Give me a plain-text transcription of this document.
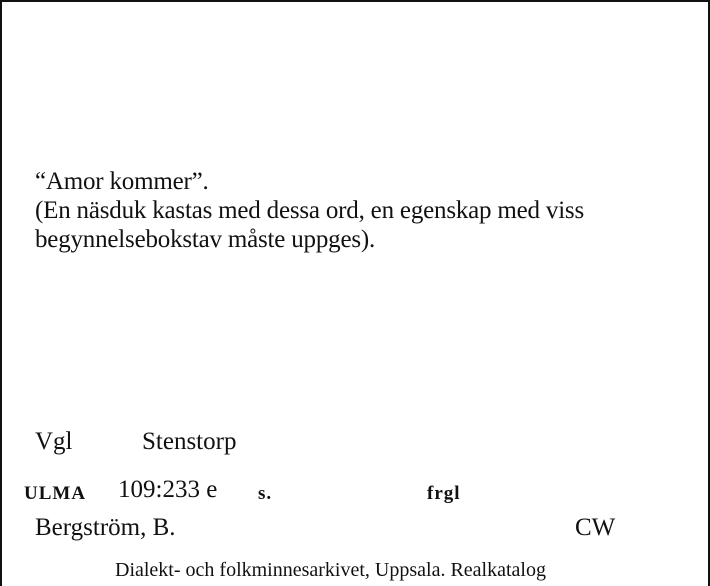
“Amor kommer”.
(En näsduk kastas med dessa ord, en egenskap med viss
begynnelsebokstav måste uppges).
Vgl	Stenstorp
ULMA 109:233 e s.	frgl
Bergström, B.	CW
Dialekt- och folkminnesarkivet, Uppsala. Realkatalog
